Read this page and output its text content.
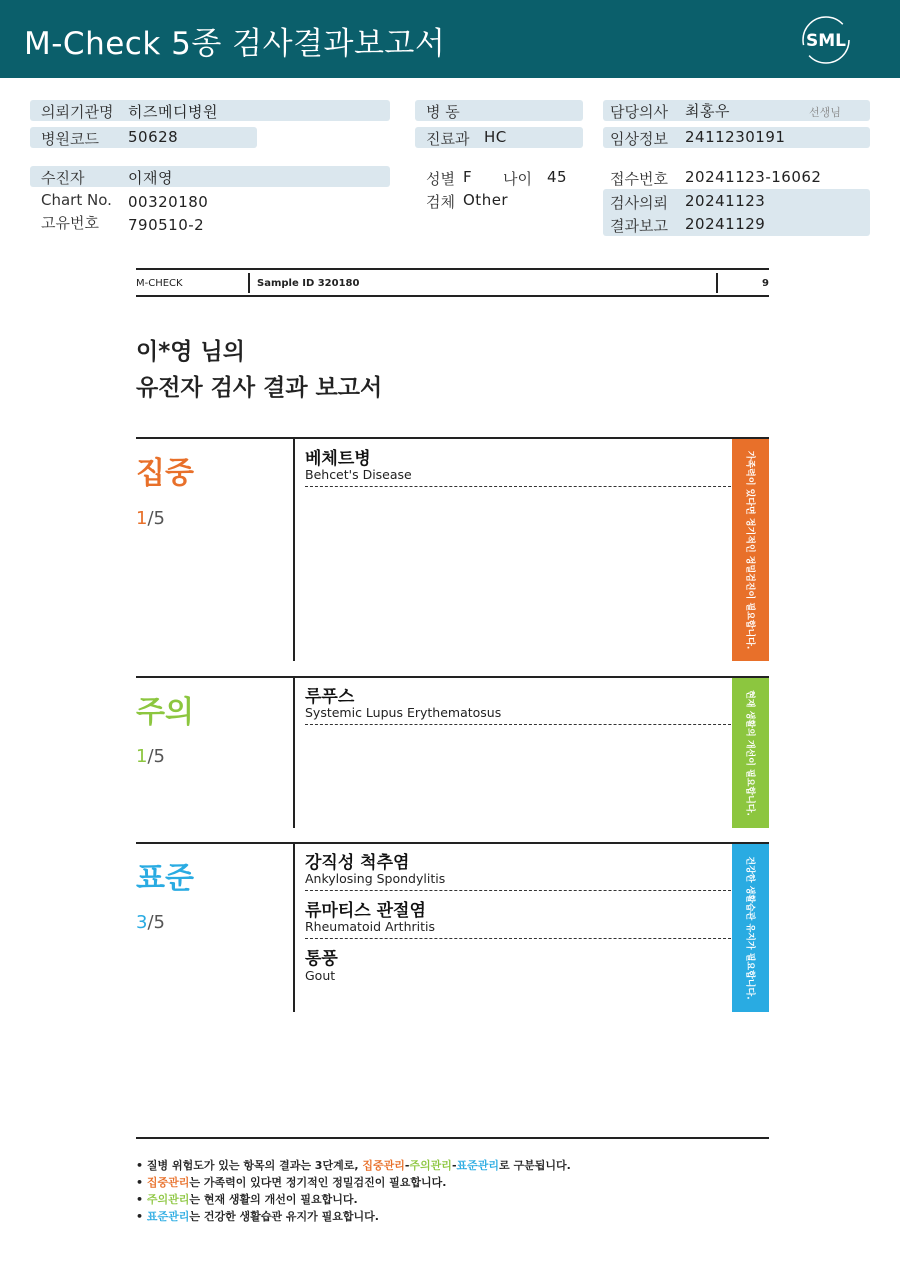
M-Check 5종 검사결과보고서	SML
의뢰기관명 히즈메디병원
병원코드 50628
수진자	이재영
Chart No. 00320180
고유번호 790510-2
병 동
진료과 HC
성별 F 나이 45
검체 Other
담당의사 최홍우	선생님
임상정보 2411230191
접수번호 20241123-16062
검사의뢰 20241123
결과보고 20241129
M-CHECK	Sample ID 320180	9
이*영 님의
유전자 검사 결과 보고서
집중
1/5
베체트병
Behcet's Disease	가족력이 있다면 정기적인 정밀검진이 필요합니다.
주의
1/5
루푸스
Systemic Lupus Erythematosus	현재 생활의 개선이 필요합니다.
표준
3/5
강직성 척추염
Ankylosing Spondylitis
류마티스 관절염
Rheumatoid Arthritis
통풍
Gout	건강한 생활습관 유지가 필요합니다.
• 질병 위험도가 있는 항목의 결과는 3단계로, 집중관리-주의관리-표준관리로 구분됩니다.
• 집중관리는 가족력이 있다면 정기적인 정밀검진이 필요합니다.
• 주의관리는 현재 생활의 개선이 필요합니다.
• 표준관리는 건강한 생활습관 유지가 필요합니다.
